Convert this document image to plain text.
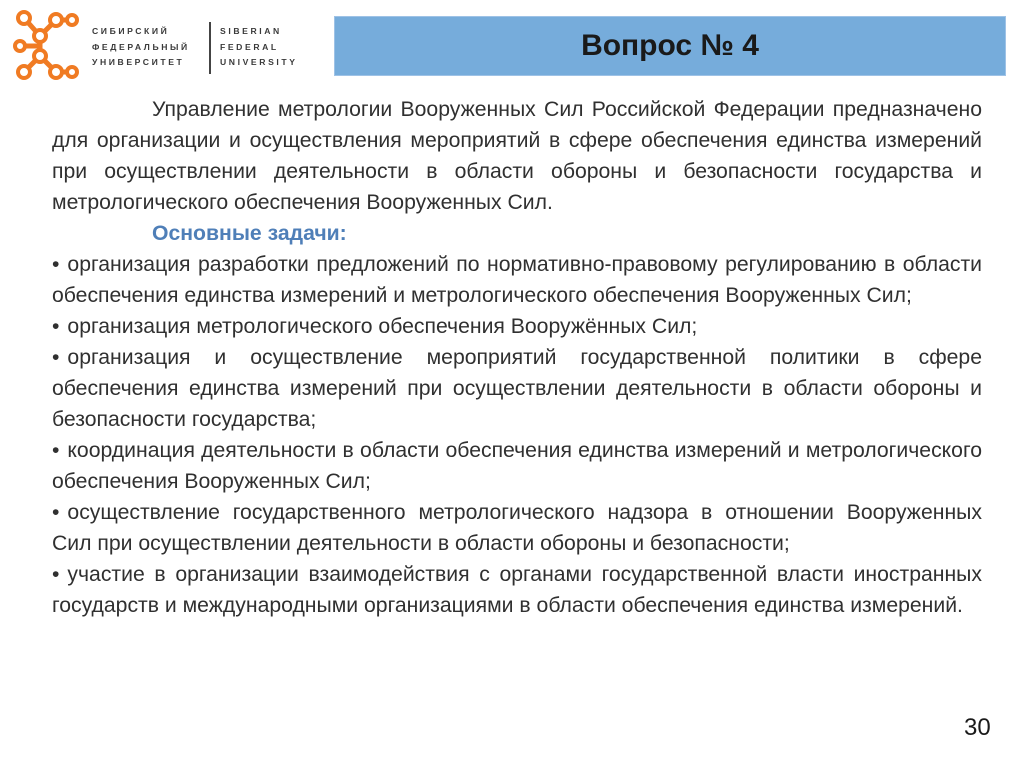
СИБИРСКИЙ
ФЕДЕРАЛЬНЫЙ
УНИВЕРСИТЕТ
SIBERIAN
FEDERAL
UNIVERSITY	Вопрос № 4

Управление метрологии Вооруженных Сил Российской Федерации предназначено для организации и осуществления мероприятий в сфере обеспечения единства измерений при осуществлении деятельности в области обороны и безопасности государства и метрологического обеспечения Вооруженных Сил.

Основные задачи:

• организация разработки предложений по нормативно-правовому регулированию в области обеспечения единства измерений и метрологического обеспечения Вооруженных Сил;
• организация метрологического обеспечения Вооружённых Сил;
• организация и осуществление мероприятий государственной политики в сфере обеспечения единства измерений при осуществлении деятельности в области обороны и безопасности государства;
• координация деятельности в области обеспечения единства измерений и метрологического обеспечения Вооруженных Сил;
• осуществление государственного метрологического надзора в отношении Вооруженных Сил при осуществлении деятельности в области обороны и безопасности;
• участие в организации взаимодействия с органами государственной власти иностранных государств и международными организациями в области обеспечения единства измерений.
30
